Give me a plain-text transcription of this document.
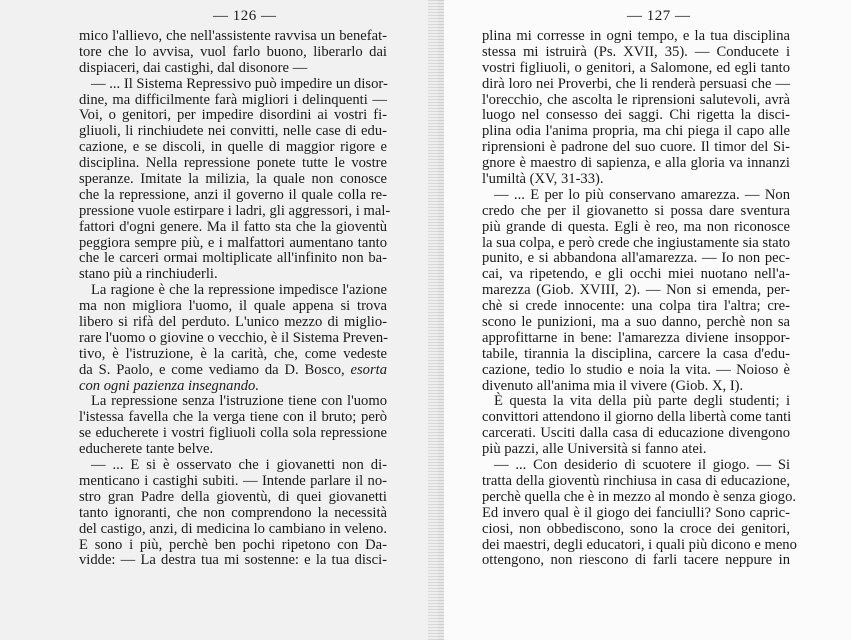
— 126 —
mico l'allievo, che nell'assistente ravvisa un benefat-
tore che lo avvisa, vuol farlo buono, liberarlo dai
dispiaceri, dai castighi, dal disonore —
— ... Il Sistema Repressivo può impedire un disor-
dine, ma difficilmente farà migliori i delinquenti —
Voi, o genitori, per impedire disordini ai vostri fi-
gliuoli, li rinchiudete nei convitti, nelle case di edu-
cazione, e se discoli, in quelle di maggior rigore e
disciplina. Nella repressione ponete tutte le vostre
speranze. Imitate la milizia, la quale non conosce
che la repressione, anzi il governo il quale colla re-
pressione vuole estirpare i ladri, gli aggressori, i mal-
fattori d'ogni genere. Ma il fatto sta che la gioventù
peggiora sempre più, e i malfattori aumentano tanto
che le carceri ormai moltiplicate all'infinito non ba-
stano più a rinchiuderli.
La ragione è che la repressione impedisce l'azione
ma non migliora l'uomo, il quale appena si trova
libero si rifà del perduto. L'unico mezzo di miglio-
rare l'uomo o giovine o vecchio, è il Sistema Preven-
tivo, è l'istruzione, è la carità, che, come vedeste
da S. Paolo, e come vediamo da D. Bosco, esorta
con ogni pazienza insegnando.
La repressione senza l'istruzione tiene con l'uomo
l'istessa favella che la verga tiene con il bruto; però
se educherete i vostri figliuoli colla sola repressione
educherete tante belve.
— ... E si è osservato che i giovanetti non di-
menticano i castighi subiti. — Intende parlare il no-
stro gran Padre della gioventù, di quei giovanetti
tanto ignoranti, che non comprendono la necessità
del castigo, anzi, di medicina lo cambiano in veleno.
E sono i più, perchè ben pochi ripetono con Da-
vidde: — La destra tua mi sostenne: e la tua disci-
— 127 —
plina mi corresse in ogni tempo, e la tua disciplina
stessa mi istruirà (Ps. XVII, 35). — Conducete i
vostri figliuoli, o genitori, a Salomone, ed egli tanto
dirà loro nei Proverbi, che li renderà persuasi che —
l'orecchio, che ascolta le riprensioni salutevoli, avrà
luogo nel consesso dei saggi. Chi rigetta la disci-
plina odia l'anima propria, ma chi piega il capo alle
riprensioni è padrone del suo cuore. Il timor del Si-
gnore è maestro di sapienza, e alla gloria va innanzi
l'umiltà (XV, 31-33).
— ... E per lo più conservano amarezza. — Non
credo che per il giovanetto si possa dare sventura
più grande di questa. Egli è reo, ma non riconosce
la sua colpa, e però crede che ingiustamente sia stato
punito, e si abbandona all'amarezza. — Io non pec-
cai, va ripetendo, e gli occhi miei nuotano nell'a-
marezza (Giob. XVIII, 2). — Non si emenda, per-
chè si crede innocente: una colpa tira l'altra; cre-
scono le punizioni, ma a suo danno, perchè non sa
approfittarne in bene: l'amarezza diviene insoppor-
tabile, tirannia la disciplina, carcere la casa d'edu-
cazione, tedio lo studio e noia la vita. — Noioso è
divenuto all'anima mia il vivere (Giob. X, I).
È questa la vita della più parte degli studenti; i
convittori attendono il giorno della libertà come tanti
carcerati. Usciti dalla casa di educazione divengono
più pazzi, alle Università si fanno atei.
— ... Con desiderio di scuotere il giogo. — Si
tratta della gioventù rinchiusa in casa di educazione,
perchè quella che è in mezzo al mondo è senza giogo.
Ed invero qual è il giogo dei fanciulli? Sono capric-
ciosi, non obbediscono, sono la croce dei genitori,
dei maestri, degli educatori, i quali più dicono e meno
ottengono, non riescono di farli tacere neppure in
